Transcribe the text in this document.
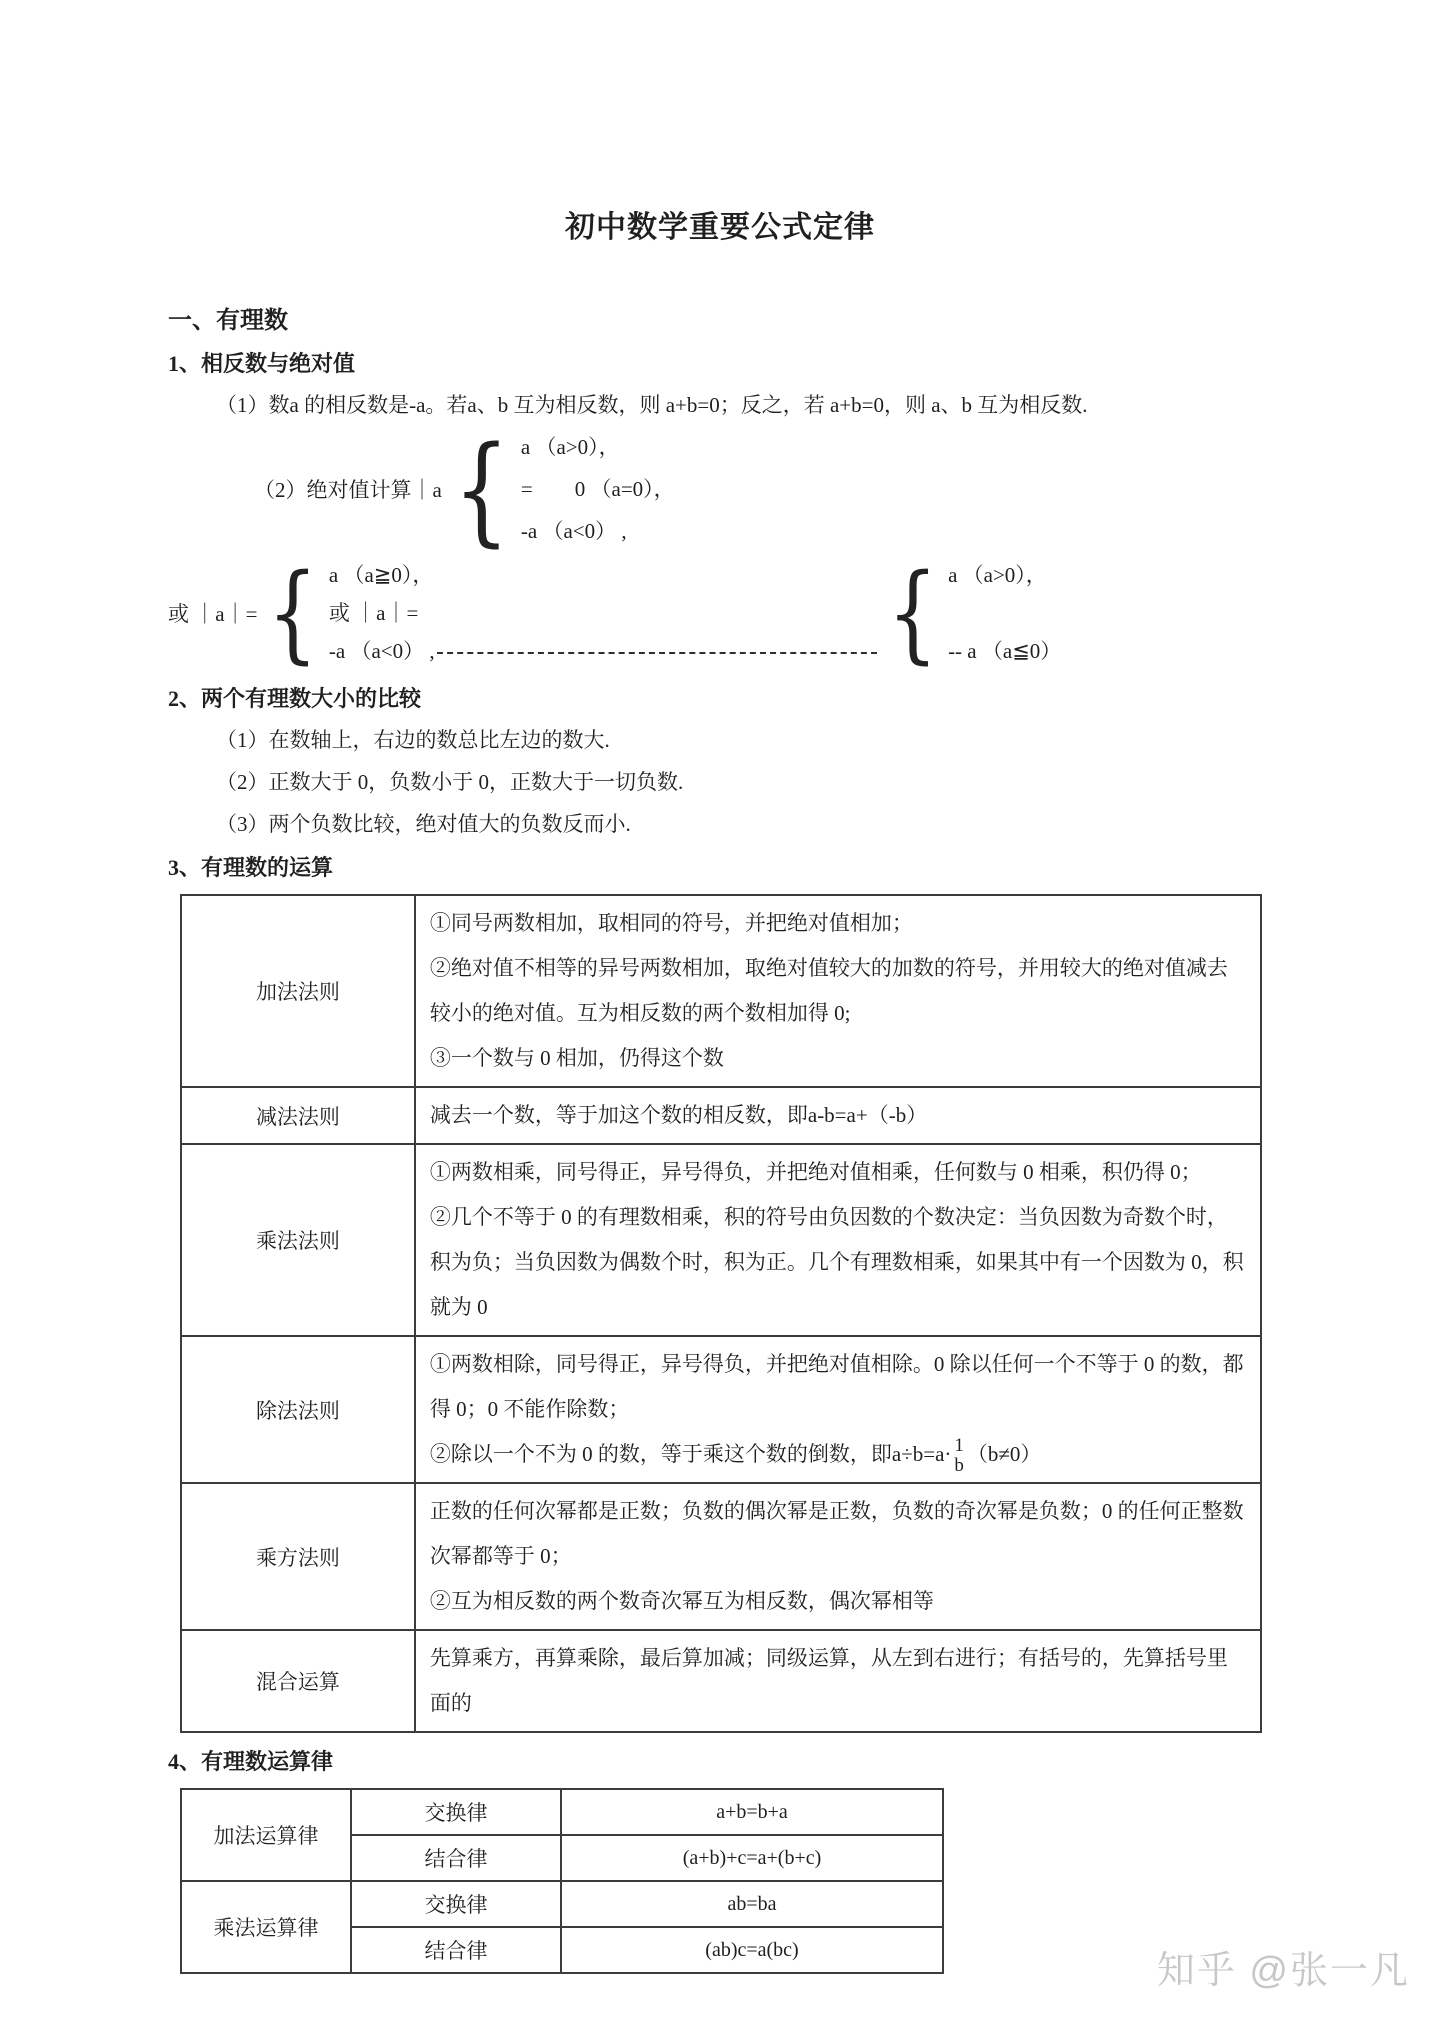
初中数学重要公式定律
一、有理数
1、相反数与绝对值
（1）数a 的相反数是-a。若a、b 互为相反数，则 a+b=0；反之，若 a+b=0，则 a、b 互为相反数.
（2）绝对值计算｜a { a （a>0），
=　　0 （a=0），
-a （a<0） ,
或 ｜a｜= { a （a≧0），
或 ｜a｜=
-a （a<0） ,	{ a （a>0），
-- a （a≦0）
2、两个有理数大小的比较
（1）在数轴上，右边的数总比左边的数大.
（2）正数大于 0，负数小于 0，正数大于一切负数.
（3）两个负数比较，绝对值大的负数反而小.
3、有理数的运算
加法法则	①同号两数相加，取相同的符号，并把绝对值相加；
②绝对值不相等的异号两数相加，取绝对值较大的加数的符号，并用较大的绝对值减去较小的绝对值。互为相反数的两个数相加得 0;
③一个数与 0 相加，仍得这个数

减法法则	减去一个数，等于加这个数的相反数，即a-b=a+（-b）

乘法法则	①两数相乘，同号得正，异号得负，并把绝对值相乘，任何数与 0 相乘，积仍得 0；
②几个不等于 0 的有理数相乘，积的符号由负因数的个数决定：当负因数为奇数个时，积为负；当负因数为偶数个时，积为正。几个有理数相乘，如果其中有一个因数为 0，积就为 0

除法法则	①两数相除，同号得正，异号得负，并把绝对值相除。0 除以任何一个不等于 0 的数，都得 0；0 不能作除数；
②除以一个不为 0 的数，等于乘这个数的倒数，即a÷b=a· 1
b （b≠0）

乘方法则	正数的任何次幂都是正数；负数的偶次幂是正数，负数的奇次幂是负数；0 的任何正整数次幂都等于 0；
②互为相反数的两个数奇次幂互为相反数，偶次幂相等

混合运算	先算乘方，再算乘除，最后算加减；同级运算，从左到右进行；有括号的，先算括号里面的
4、有理数运算律
加法运算律	交换律	a+b=b+a
	结合律	(a+b)+c=a+(b+c)
乘法运算律	交换律	ab=ba
	结合律	(ab)c=a(bc)
知乎 @张一凡
